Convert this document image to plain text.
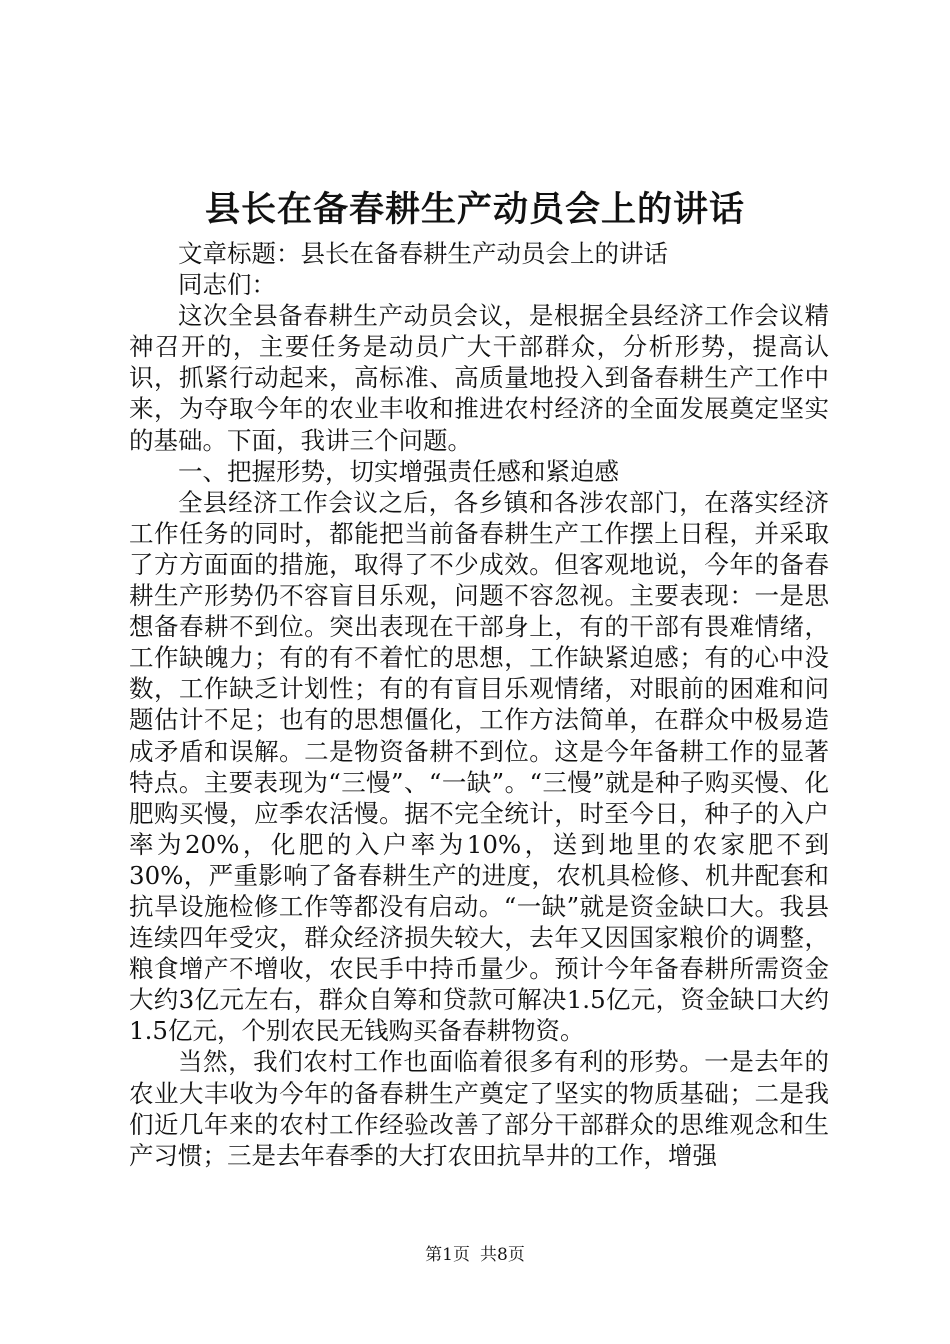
县长在备春耕生产动员会上的讲话

文章标题：县长在备春耕生产动员会上的讲话

同志们：

这次全县备春耕生产动员会议，是根据全县经济工作会议精神召开的，主要任务是动员广大干部群众，分析形势，提高认识，抓紧行动起来，高标准、高质量地投入到备春耕生产工作中来，为夺取今年的农业丰收和推进农村经济的全面发展奠定坚实的基础。下面，我讲三个问题。

一、把握形势，切实增强责任感和紧迫感

全县经济工作会议之后，各乡镇和各涉农部门，在落实经济工作任务的同时，都能把当前备春耕生产工作摆上日程，并采取了方方面面的措施，取得了不少成效。但客观地说，今年的备春耕生产形势仍不容盲目乐观，问题不容忽视。主要表现：一是思想备春耕不到位。突出表现在干部身上，有的干部有畏难情绪，工作缺魄力；有的有不着忙的思想，工作缺紧迫感；有的心中没数，工作缺乏计划性；有的有盲目乐观情绪，对眼前的困难和问题估计不足；也有的思想僵化，工作方法简单，在群众中极易造成矛盾和误解。二是物资备耕不到位。这是今年备耕工作的显著特点。主要表现为“三慢”、“一缺”。“三慢”就是种子购买慢、化肥购买慢，应季农活慢。据不完全统计，时至今日，种子的入户率为20%，化肥的入户率为10%，送到地里的农家肥不到30%，严重影响了备春耕生产的进度，农机具检修、机井配套和抗旱设施检修工作等都没有启动。“一缺”就是资金缺口大。我县连续四年受灾，群众经济损失较大，去年又因国家粮价的调整，粮食增产不增收，农民手中持币量少。预计今年备春耕所需资金大约3亿元左右，群众自筹和贷款可解决1.5亿元，资金缺口大约1.5亿元，个别农民无钱购买备春耕物资。

当然，我们农村工作也面临着很多有利的形势。一是去年的农业大丰收为今年的备春耕生产奠定了坚实的物质基础；二是我们近几年来的农村工作经验改善了部分干部群众的思维观念和生产习惯；三是去年春季的大打农田抗旱井的工作，增强

第1页 共8页
